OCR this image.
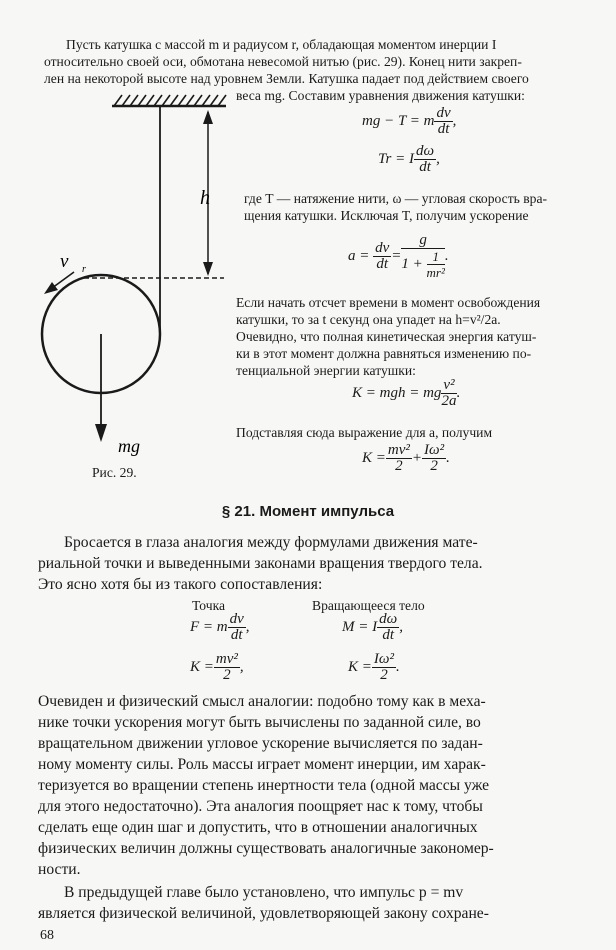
Пусть катушка с массой m и радиусом r, обладающая моментом инерции I
относительно своей оси, обмотана невесомой нитью (рис. 29). Конец нити закреп-
лен на некоторой высоте над уровнем Земли. Катушка падает под действием своего
веса mg. Составим уравнения движения катушки:
h
v r
mg
Рис. 29.
mg − T = m $\frac{dv}{dt}$ ,
Tr = I $\frac{d\omega}{dt}$ ,
где T — натяжение нити, ω — угловая скорость вра-
щения катушки. Исключая T, получим ускорение
$a = \frac{dv}{dt} = \frac{g}{1 + \frac{1}{\text{mr²}}}$ .
Если начать отсчет времени в момент освобождения
катушки, то за t секунд она упадет на h=v²/2a.
Очевидно, что полная кинетическая энергия катуш-
ки в этот момент должна равняться изменению по-
тенциальной энергии катушки:
K = mgh = mg $\frac{\text{v²}}{2a}$ .
Подставляя сюда выражение для a, получим
$K = \frac{\text{mv²}}{2} + \frac{\text{Iω²}}{2}$ .
§ 21. Момент импульса
Бросается в глаза аналогия между формулами движения мате-
риальной точки и выведенными законами вращения твердого тела.
Это ясно хотя бы из такого сопоставления:
Точка	Вращающееся тело
F = m $\frac{dv}{dt}$ ,	M = I $\frac{d\omega}{dt}$ ,
$K = \frac{\text{mv²}}{2}$ ,	$K = \frac{\text{Iω²}}{2}$ .
Очевиден и физический смысл аналогии: подобно тому как в меха-
нике точки ускорения могут быть вычислены по заданной силе, во
вращательном движении угловое ускорение вычисляется по задан-
ному моменту силы. Роль массы играет момент инерции, им харак-
теризуется во вращении степень инертности тела (одной массы уже
для этого недостаточно). Эта аналогия поощряет нас к тому, чтобы
сделать еще один шаг и допустить, что в отношении аналогичных
физических величин должны существовать аналогичные закономер-
ности.
В предыдущей главе было установлено, что импульс p = mv
является физической величиной, удовлетворяющей закону сохране-
68
